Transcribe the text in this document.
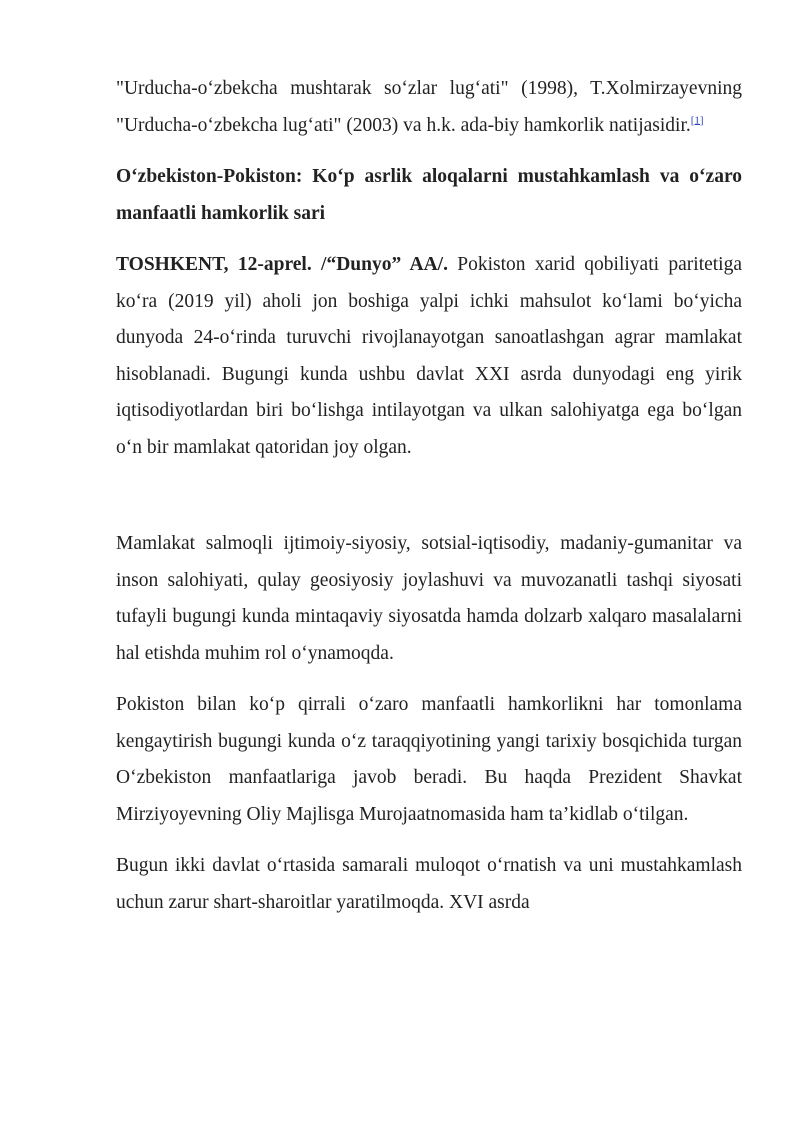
"Urducha-o‘zbekcha mushtarak so‘zlar lug‘ati" (1998), T.Xolmirzayevning "Urducha-o‘zbekcha lug‘ati" (2003) va h.k. ada-biy hamkorlik natijasidir.[1]

O‘zbekiston-Pokiston: Ko‘p asrlik aloqalarni mustahkamlash va o‘zaro manfaatli hamkorlik sari

TOSHKENT, 12-aprel. /“Dunyo” AA/. Pokiston xarid qobiliyati paritetiga ko‘ra (2019 yil) aholi jon boshiga yalpi ichki mahsulot ko‘lami bo‘yicha dunyoda 24-o‘rinda turuvchi rivojlanayotgan sanoatlashgan agrar mamlakat hisoblanadi. Bugungi kunda ushbu davlat XXI asrda dunyodagi eng yirik iqtisodiyotlardan biri bo‘lishga intilayotgan va ulkan salohiyatga ega bo‘lgan o‘n bir mamlakat qatoridan joy olgan.

Mamlakat salmoqli ijtimoiy-siyosiy, sotsial-iqtisodiy, madaniy-gumanitar va inson salohiyati, qulay geosiyosiy joylashuvi va muvozanatli tashqi siyosati tufayli bugungi kunda mintaqaviy siyosatda hamda dolzarb xalqaro masalalarni hal etishda muhim rol o‘ynamoqda.

Pokiston bilan ko‘p qirrali o‘zaro manfaatli hamkorlikni har tomonlama kengaytirish bugungi kunda o‘z taraqqiyotining yangi tarixiy bosqichida turgan O‘zbekiston manfaatlariga javob beradi. Bu haqda Prezident Shavkat Mirziyoyevning Oliy Majlisga Murojaatnomasida ham ta’kidlab o‘tilgan.

Bugun ikki davlat o‘rtasida samarali muloqot o‘rnatish va uni mustahkamlash uchun zarur shart-sharoitlar yaratilmoqda. XVI asrda
